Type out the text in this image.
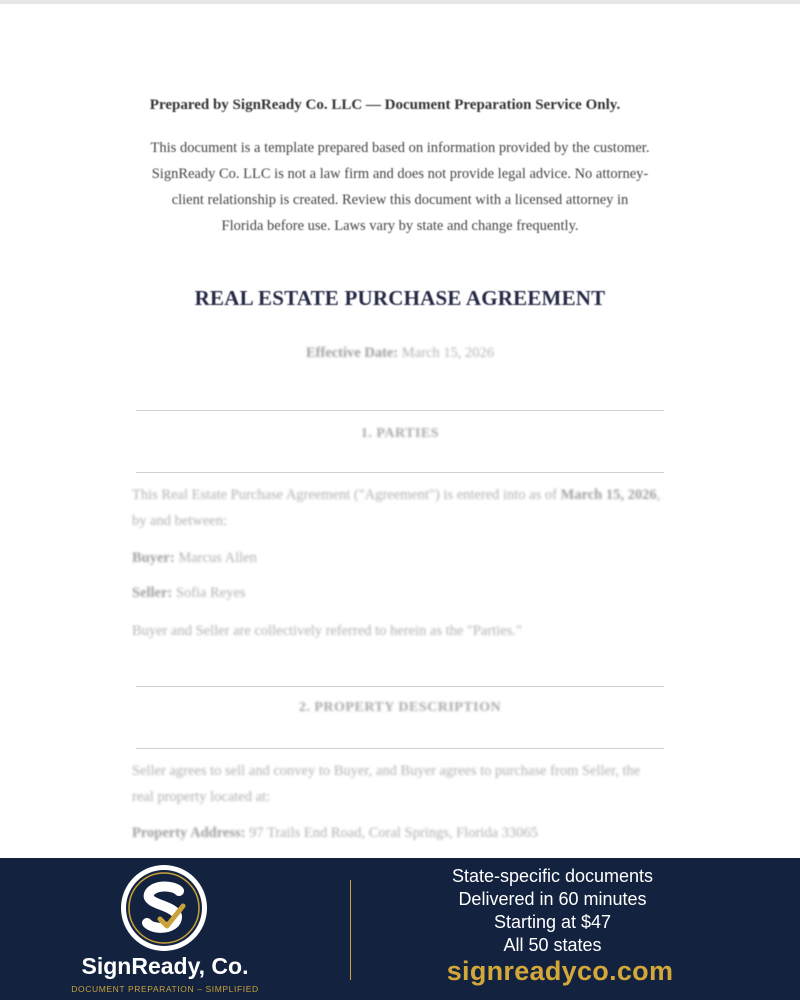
Prepared by SignReady Co. LLC — Document Preparation Service Only.
This document is a template prepared based on information provided by the customer. SignReady Co. LLC is not a law firm and does not provide legal advice. No attorney-client relationship is created. Review this document with a licensed attorney in Florida before use. Laws vary by state and change frequently.
REAL ESTATE PURCHASE AGREEMENT
Effective Date: March 15, 2026
1. PARTIES
This Real Estate Purchase Agreement ("Agreement") is entered into as of March 15, 2026, by and between:
Buyer: Marcus Allen
Seller: Sofia Reyes
Buyer and Seller are collectively referred to herein as the "Parties."
2. PROPERTY DESCRIPTION
Seller agrees to sell and convey to Buyer, and Buyer agrees to purchase from Seller, the real property located at:
Property Address: 97 Trails End Road, Coral Springs, Florida 33065
SignReady, Co.
DOCUMENT PREPARATION – SIMPLIFIED
State-specific documents
Delivered in 60 minutes
Starting at $47
All 50 states
signreadyco.com
